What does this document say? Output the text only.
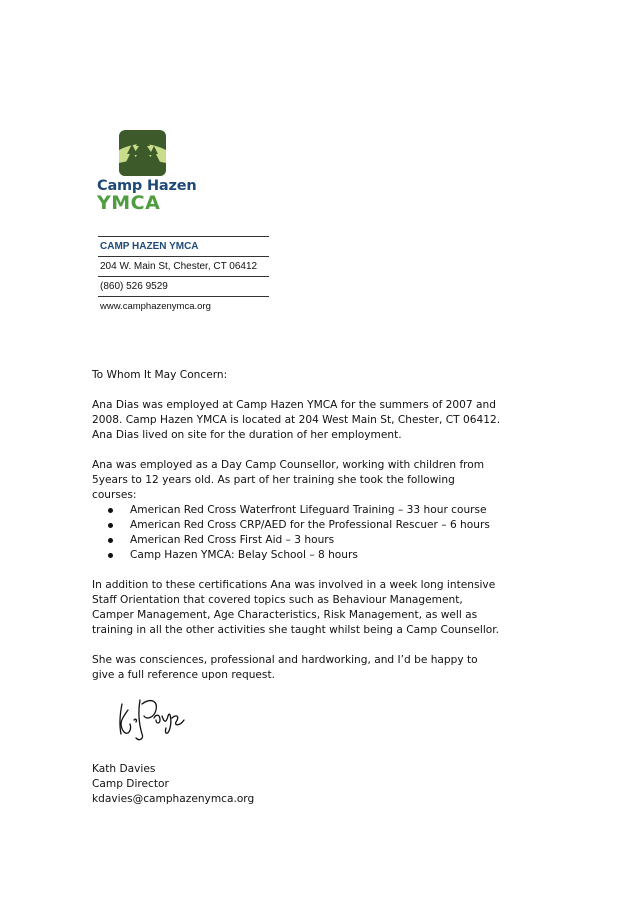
Camp Hazen
YMCA
CAMP HAZEN YMCA
204 W. Main St, Chester, CT 06412
(860) 526 9529
www.camphazenymca.org

To Whom It May Concern:

Ana Dias was employed at Camp Hazen YMCA for the summers of 2007 and 2008. Camp Hazen YMCA is located at 204 West Main St, Chester, CT 06412. Ana Dias lived on site for the duration of her employment.

Ana was employed as a Day Camp Counsellor, working with children from 5years to 12 years old. As part of her training she took the following courses:

American Red Cross Waterfront Lifeguard Training – 33 hour course
American Red Cross CRP/AED for the Professional Rescuer – 6 hours
American Red Cross First Aid – 3 hours
Camp Hazen YMCA: Belay School – 8 hours

In addition to these certifications Ana was involved in a week long intensive Staff Orientation that covered topics such as Behaviour Management, Camper Management, Age Characteristics, Risk Management, as well as training in all the other activities she taught whilst being a Camp Counsellor.

She was consciences, professional and hardworking, and I’d be happy to give a full reference upon request.

Kath Davies
Camp Director
kdavies@camphazenymca.org
